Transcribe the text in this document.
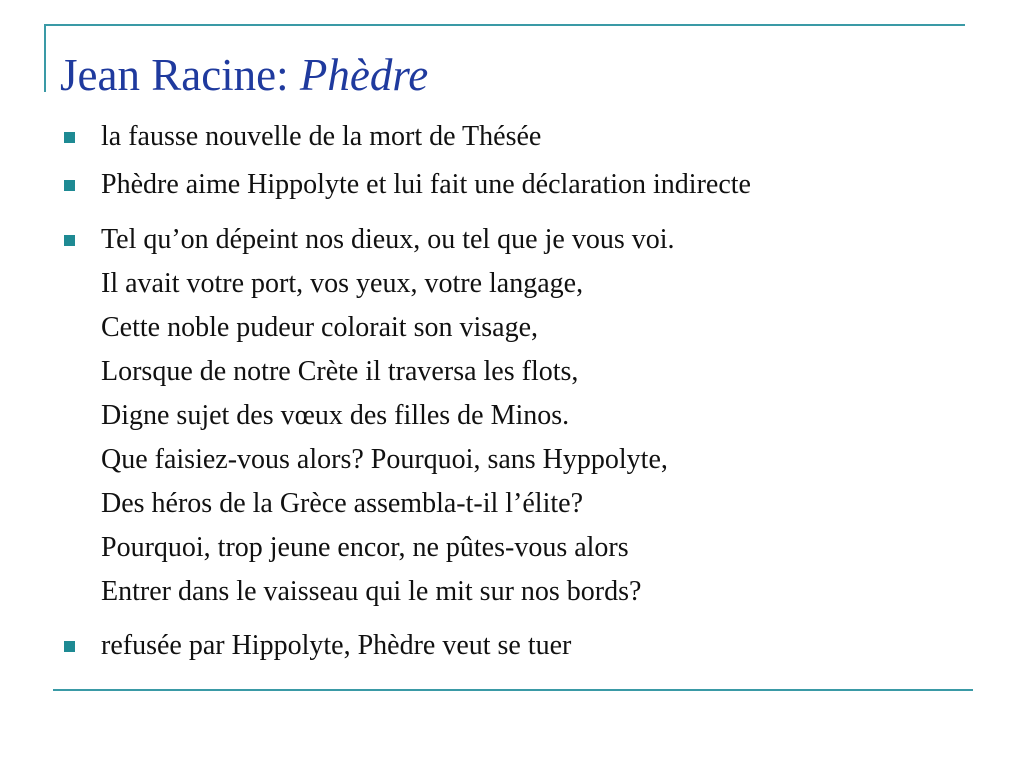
Jean Racine: Phèdre
la fausse nouvelle de la mort de Thésée
Phèdre aime Hippolyte et lui fait une déclaration indirecte
Tel qu’on dépeint nos dieux, ou tel que je vous voi.
Il avait votre port, vos yeux, votre langage,
Cette noble pudeur colorait son visage,
Lorsque de notre Crète il traversa les flots,
Digne sujet des vœux des filles de Minos.
Que faisiez-vous alors? Pourquoi, sans Hyppolyte,
Des héros de la Grèce assembla-t-il l’élite?
Pourquoi, trop jeune encor, ne pûtes-vous alors
Entrer dans le vaisseau qui le mit sur nos bords?
refusée par Hippolyte, Phèdre veut se tuer
